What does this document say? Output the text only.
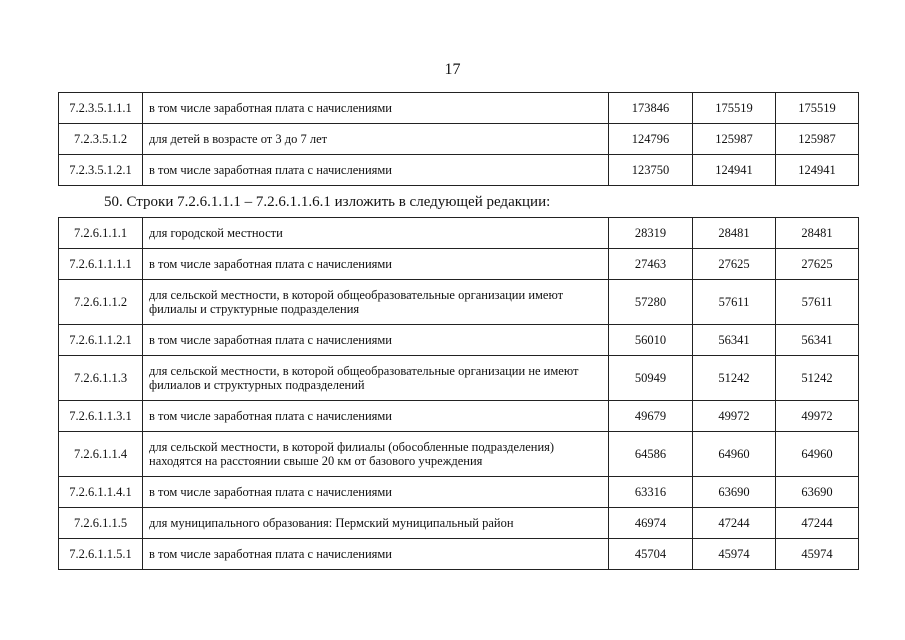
17
7.2.3.5.1.1.1	в том числе заработная плата с начислениями	173846	175519	175519
7.2.3.5.1.2	для детей в возрасте от 3 до 7 лет	124796	125987	125987
7.2.3.5.1.2.1	в том числе заработная плата с начислениями	123750	124941	124941
50. Строки 7.2.6.1.1.1 – 7.2.6.1.1.6.1 изложить в следующей редакции:
7.2.6.1.1.1	для городской местности	28319	28481	28481
7.2.6.1.1.1.1	в том числе заработная плата с начислениями	27463	27625	27625
7.2.6.1.1.2	для сельской местности, в которой общеобразовательные организации имеют филиалы и структурные подразделения	57280	57611	57611
7.2.6.1.1.2.1	в том числе заработная плата с начислениями	56010	56341	56341
7.2.6.1.1.3	для сельской местности, в которой общеобразовательные организации не имеют филиалов и структурных подразделений	50949	51242	51242
7.2.6.1.1.3.1	в том числе заработная плата с начислениями	49679	49972	49972
7.2.6.1.1.4	для сельской местности, в которой филиалы (обособленные подразделения) находятся на расстоянии свыше 20 км от базового учреждения	64586	64960	64960
7.2.6.1.1.4.1	в том числе заработная плата с начислениями	63316	63690	63690
7.2.6.1.1.5	для муниципального образования: Пермский муниципальный район	46974	47244	47244
7.2.6.1.1.5.1	в том числе заработная плата с начислениями	45704	45974	45974
